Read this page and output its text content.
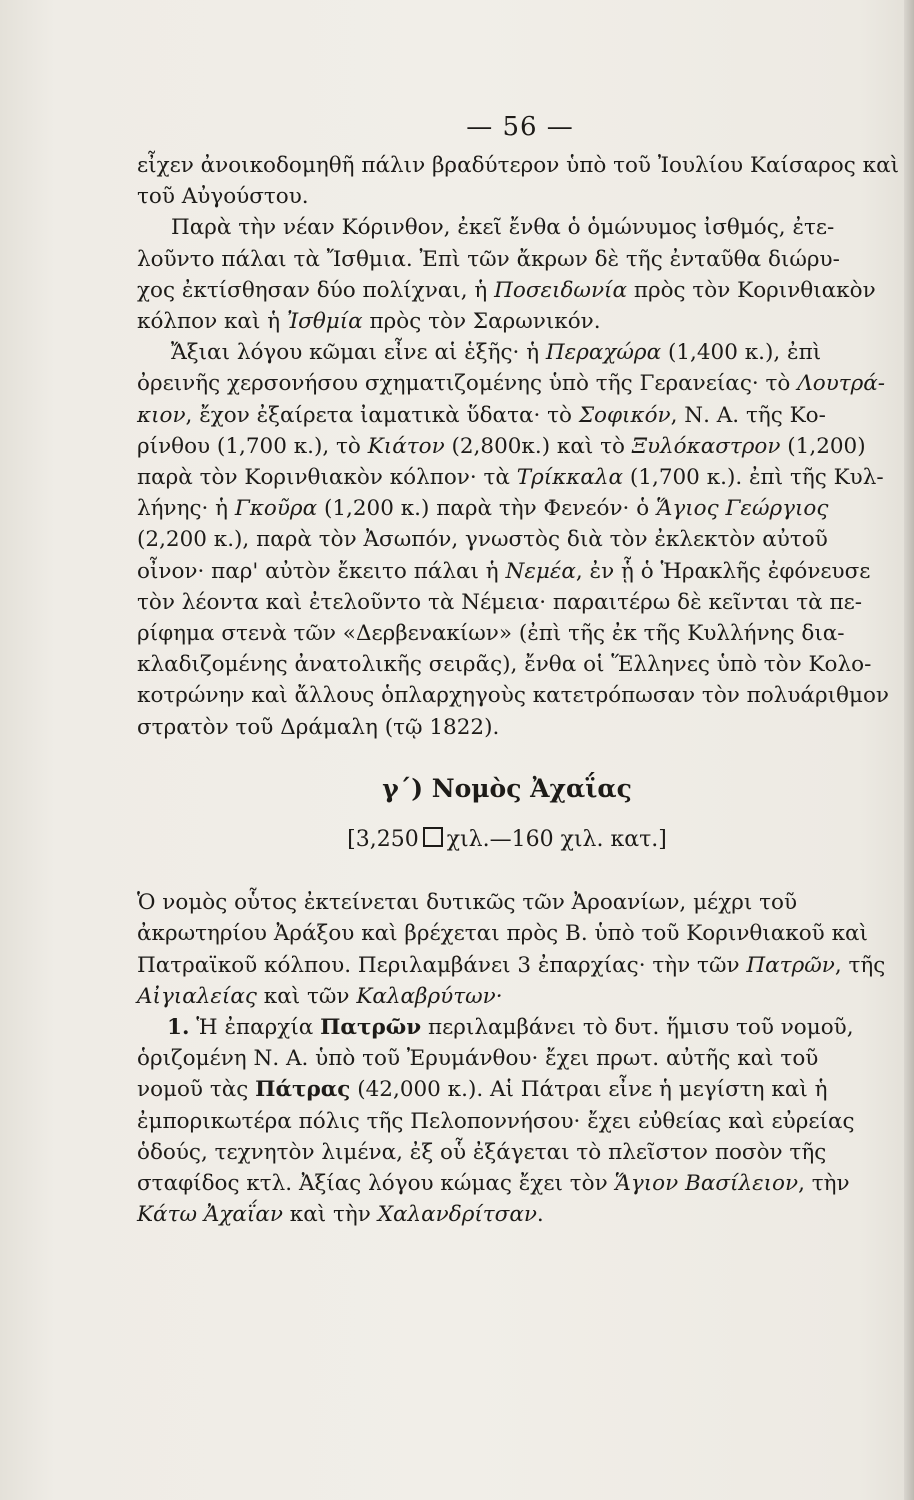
— 56 —
εἶχεν ἀνοικοδομηθῆ πάλιν βραδύτερον ὑπὸ τοῦ Ἰουλίου Καίσαρος καὶ
τοῦ Αὐγούστου.
Παρὰ τὴν νέαν Κόρινθον, ἐκεῖ ἔνθα ὁ ὁμώνυμος ἰσθμός, ἐτε-
λοῦντο πάλαι τὰ Ἴσθμια. Ἐπὶ τῶν ἄκρων δὲ τῆς ἐνταῦθα διώρυ-
χος ἐκτίσθησαν δύο πολίχναι, ἡ Ποσειδωνία πρὸς τὸν Κορινθιακὸν
κόλπον καὶ ἡ Ἰσθμία πρὸς τὸν Σαρωνικόν.
Ἄξιαι λόγου κῶμαι εἶνε αἱ ἑξῆς· ἡ Περαχώρα (1,400 κ.), ἐπὶ
ὀρεινῆς χερσονήσου σχηματιζομένης ὑπὸ τῆς Γερανείας· τὸ Λουτρά-
κιον, ἔχον ἐξαίρετα ἰαματικὰ ὕδατα· τὸ Σοφικόν, Ν. Α. τῆς Κο-
ρίνθου (1,700 κ.), τὸ Κιάτον (2,800κ.) καὶ τὸ Ξυλόκαστρον (1,200)
παρὰ τὸν Κορινθιακὸν κόλπον· τὰ Τρίκκαλα (1,700 κ.). ἐπὶ τῆς Κυλ-
λήνης· ἡ Γκοῦρα (1,200 κ.) παρὰ τὴν Φενεόν· ὁ Ἅγιος Γεώργιος
(2,200 κ.), παρὰ τὸν Ἀσωπόν, γνωστὸς διὰ τὸν ἐκλεκτὸν αὐτοῦ
οἶνον· παρ' αὐτὸν ἔκειτο πάλαι ἡ Νεμέα, ἐν ᾗ ὁ Ἡρακλῆς ἐφόνευσε
τὸν λέοντα καὶ ἐτελοῦντο τὰ Νέμεια· παραιτέρω δὲ κεῖνται τὰ πε-
ρίφημα στενὰ τῶν «Δερβενακίων» (ἐπὶ τῆς ἐκ τῆς Κυλλήνης δια-
κλαδιζομένης ἀνατολικῆς σειρᾶς), ἔνθα οἱ Ἕλληνες ὑπὸ τὸν Κολο-
κοτρώνην καὶ ἄλλους ὁπλαρχηγοὺς κατετρόπωσαν τὸν πολυάριθμον
στρατὸν τοῦ Δράμαλη (τῷ 1822).
γ΄) Νομὸς Ἀχαΐας
[3,250 χιλ.—160 χιλ. κατ.]
Ὁ νομὸς οὗτος ἐκτείνεται δυτικῶς τῶν Ἀροανίων, μέχρι τοῦ
ἀκρωτηρίου Ἀράξου καὶ βρέχεται πρὸς Β. ὑπὸ τοῦ Κορινθιακοῦ καὶ
Πατραϊκοῦ κόλπου. Περιλαμβάνει 3 ἐπαρχίας· τὴν τῶν Πατρῶν, τῆς
Αἰγιαλείας καὶ τῶν Καλαβρύτων·
1. Ἡ ἐπαρχία Πατρῶν περιλαμβάνει τὸ δυτ. ἥμισυ τοῦ νομοῦ,
ὁριζομένη Ν. Α. ὑπὸ τοῦ Ἐρυμάνθου· ἔχει πρωτ. αὐτῆς καὶ τοῦ
νομοῦ τὰς Πάτρας (42,000 κ.). Αἱ Πάτραι εἶνε ἡ μεγίστη καὶ ἡ
ἐμπορικωτέρα πόλις τῆς Πελοποννήσου· ἔχει εὐθείας καὶ εὐρείας
ὁδούς, τεχνητὸν λιμένα, ἐξ οὗ ἐξάγεται τὸ πλεῖστον ποσὸν τῆς
σταφίδος κτλ. Ἀξίας λόγου κώμας ἔχει τὸν Ἅγιον Βασίλειον, τὴν
Κάτω Ἀχαΐαν καὶ τὴν Χαλανδρίτσαν.
